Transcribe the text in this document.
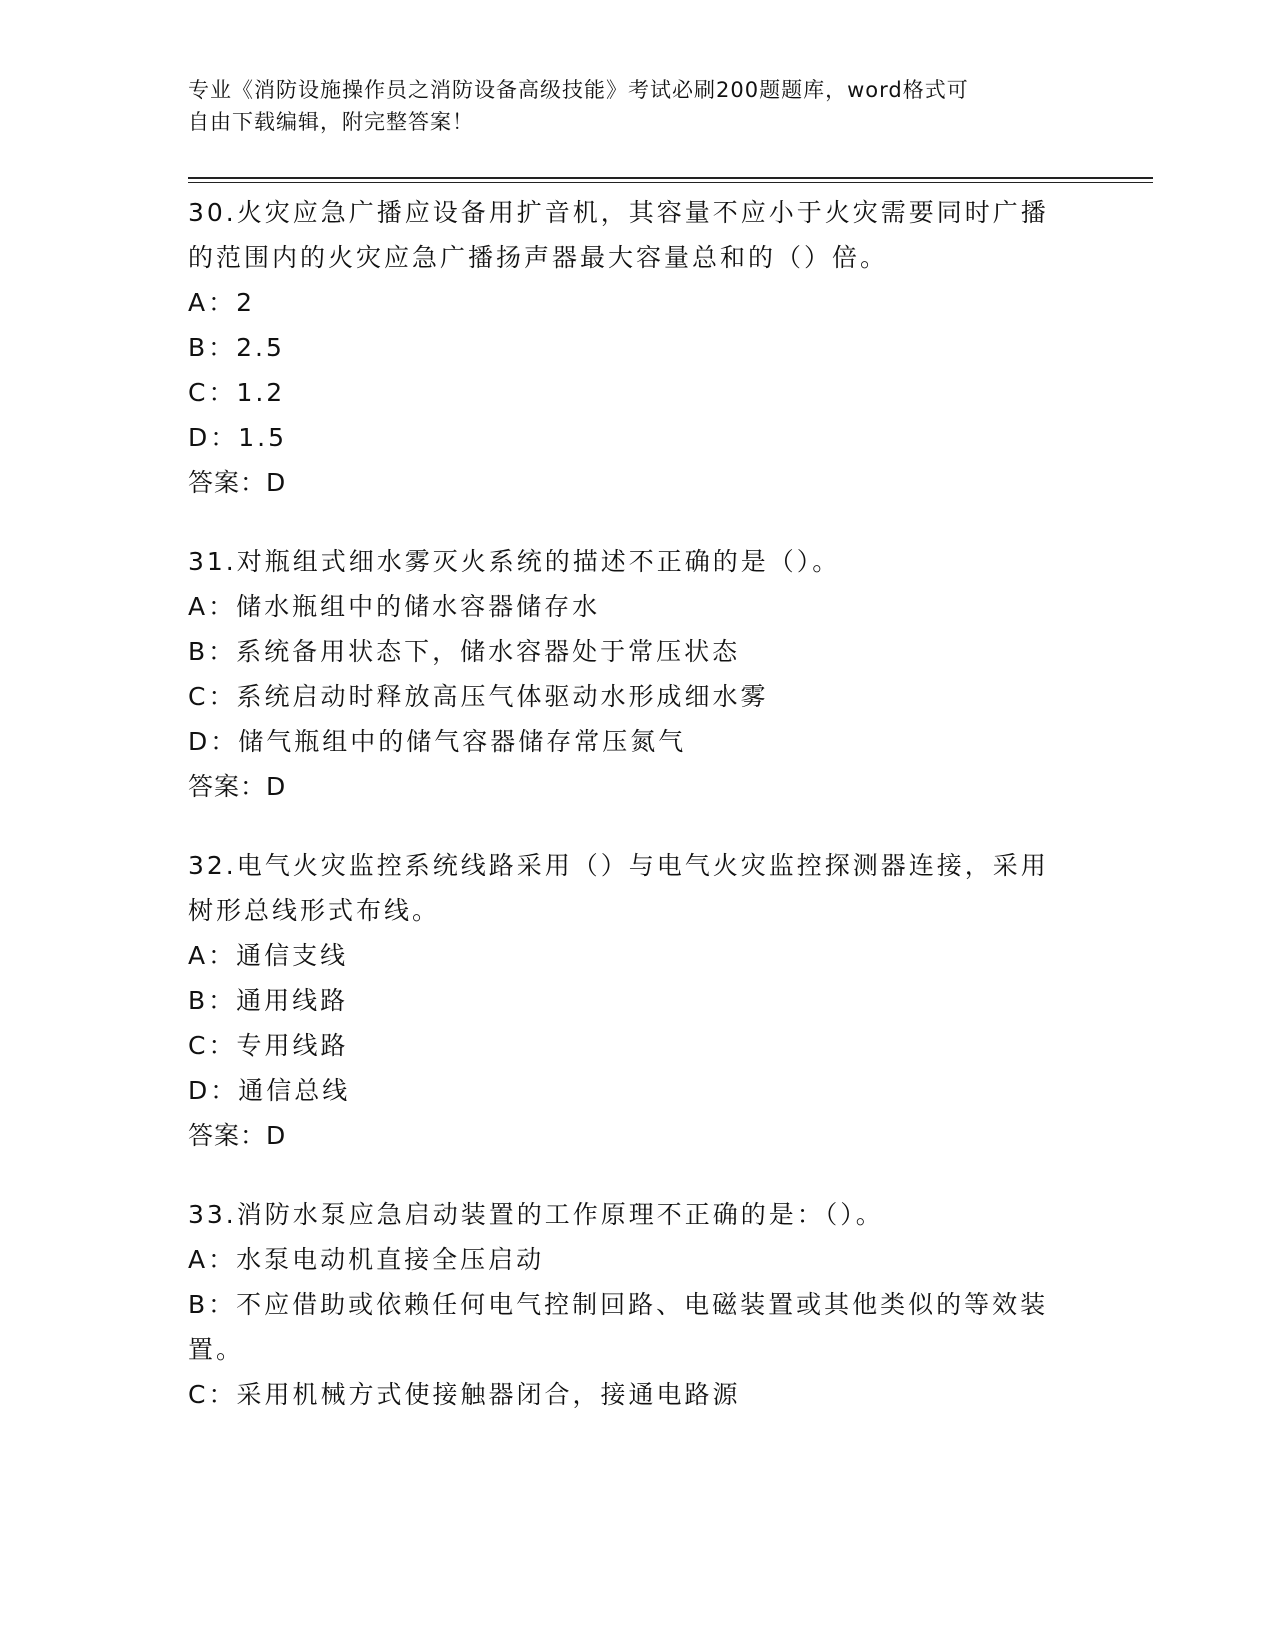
专业《消防设施操作员之消防设备高级技能》考试必刷200题题库，word格式可
自由下载编辑，附完整答案！

30.火灾应急广播应设备用扩音机，其容量不应小于火灾需要同时广播

的范围内的火灾应急广播扬声器最大容量总和的（）倍。

A：2

B：2.5

C：1.2

D：1.5

答案：D

31.对瓶组式细水雾灭火系统的描述不正确的是（）。

A：储水瓶组中的储水容器储存水

B：系统备用状态下，储水容器处于常压状态

C：系统启动时释放高压气体驱动水形成细水雾

D：储气瓶组中的储气容器储存常压氮气

答案：D

32.电气火灾监控系统线路采用（）与电气火灾监控探测器连接，采用

树形总线形式布线。

A：通信支线

B：通用线路

C：专用线路

D：通信总线

答案：D

33.消防水泵应急启动装置的工作原理不正确的是：（）。

A：水泵电动机直接全压启动

B：不应借助或依赖任何电气控制回路、电磁装置或其他类似的等效装

置。

C：采用机械方式使接触器闭合，接通电路源
